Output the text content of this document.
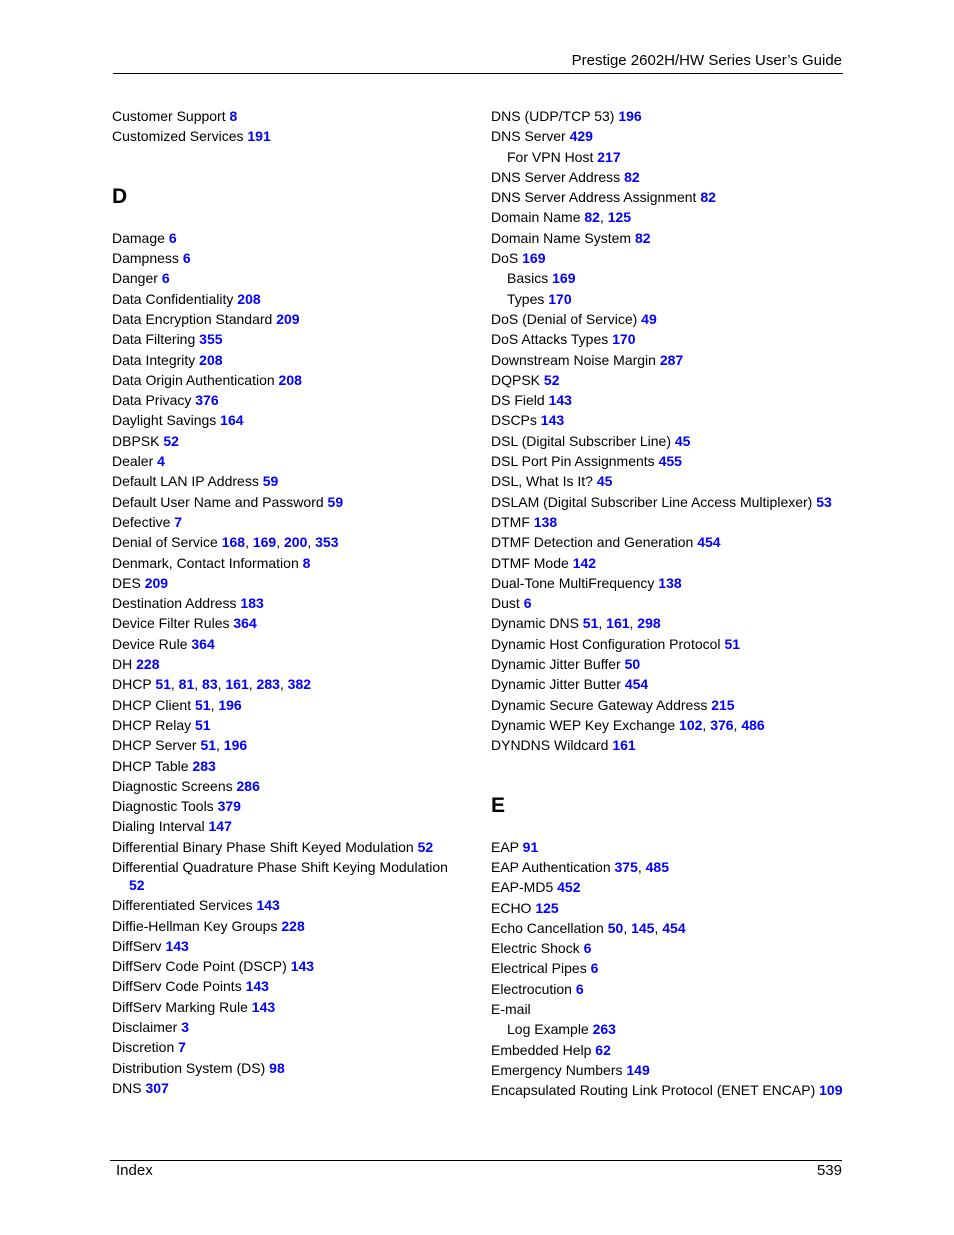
Prestige 2602H/HW Series User’s Guide
Customer Support 8
Customized Services 191
D
Damage 6
Dampness 6
Danger 6
Data Confidentiality 208
Data Encryption Standard 209
Data Filtering 355
Data Integrity 208
Data Origin Authentication 208
Data Privacy 376
Daylight Savings 164
DBPSK 52
Dealer 4
Default LAN IP Address 59
Default User Name and Password 59
Defective 7
Denial of Service 168, 169, 200, 353
Denmark, Contact Information 8
DES 209
Destination Address 183
Device Filter Rules 364
Device Rule 364
DH 228
DHCP 51, 81, 83, 161, 283, 382
DHCP Client 51, 196
DHCP Relay 51
DHCP Server 51, 196
DHCP Table 283
Diagnostic Screens 286
Diagnostic Tools 379
Dialing Interval 147
Differential Binary Phase Shift Keyed Modulation 52
Differential Quadrature Phase Shift Keying Modulation 52
Differentiated Services 143
Diffie-Hellman Key Groups 228
DiffServ 143
DiffServ Code Point (DSCP) 143
DiffServ Code Points 143
DiffServ Marking Rule 143
Disclaimer 3
Discretion 7
Distribution System (DS) 98
DNS 307
DNS (UDP/TCP 53) 196
DNS Server 429
For VPN Host 217
DNS Server Address 82
DNS Server Address Assignment 82
Domain Name 82, 125
Domain Name System 82
DoS 169
Basics 169
Types 170
DoS (Denial of Service) 49
DoS Attacks Types 170
Downstream Noise Margin 287
DQPSK 52
DS Field 143
DSCPs 143
DSL (Digital Subscriber Line) 45
DSL Port Pin Assignments 455
DSL, What Is It? 45
DSLAM (Digital Subscriber Line Access Multiplexer) 53
DTMF 138
DTMF Detection and Generation 454
DTMF Mode 142
Dual-Tone MultiFrequency 138
Dust 6
Dynamic DNS 51, 161, 298
Dynamic Host Configuration Protocol 51
Dynamic Jitter Buffer 50
Dynamic Jitter Butter 454
Dynamic Secure Gateway Address 215
Dynamic WEP Key Exchange 102, 376, 486
DYNDNS Wildcard 161
E
EAP 91
EAP Authentication 375, 485
EAP-MD5 452
ECHO 125
Echo Cancellation 50, 145, 454
Electric Shock 6
Electrical Pipes 6
Electrocution 6
E-mail
Log Example 263
Embedded Help 62
Emergency Numbers 149
Encapsulated Routing Link Protocol (ENET ENCAP) 109
Index	539
